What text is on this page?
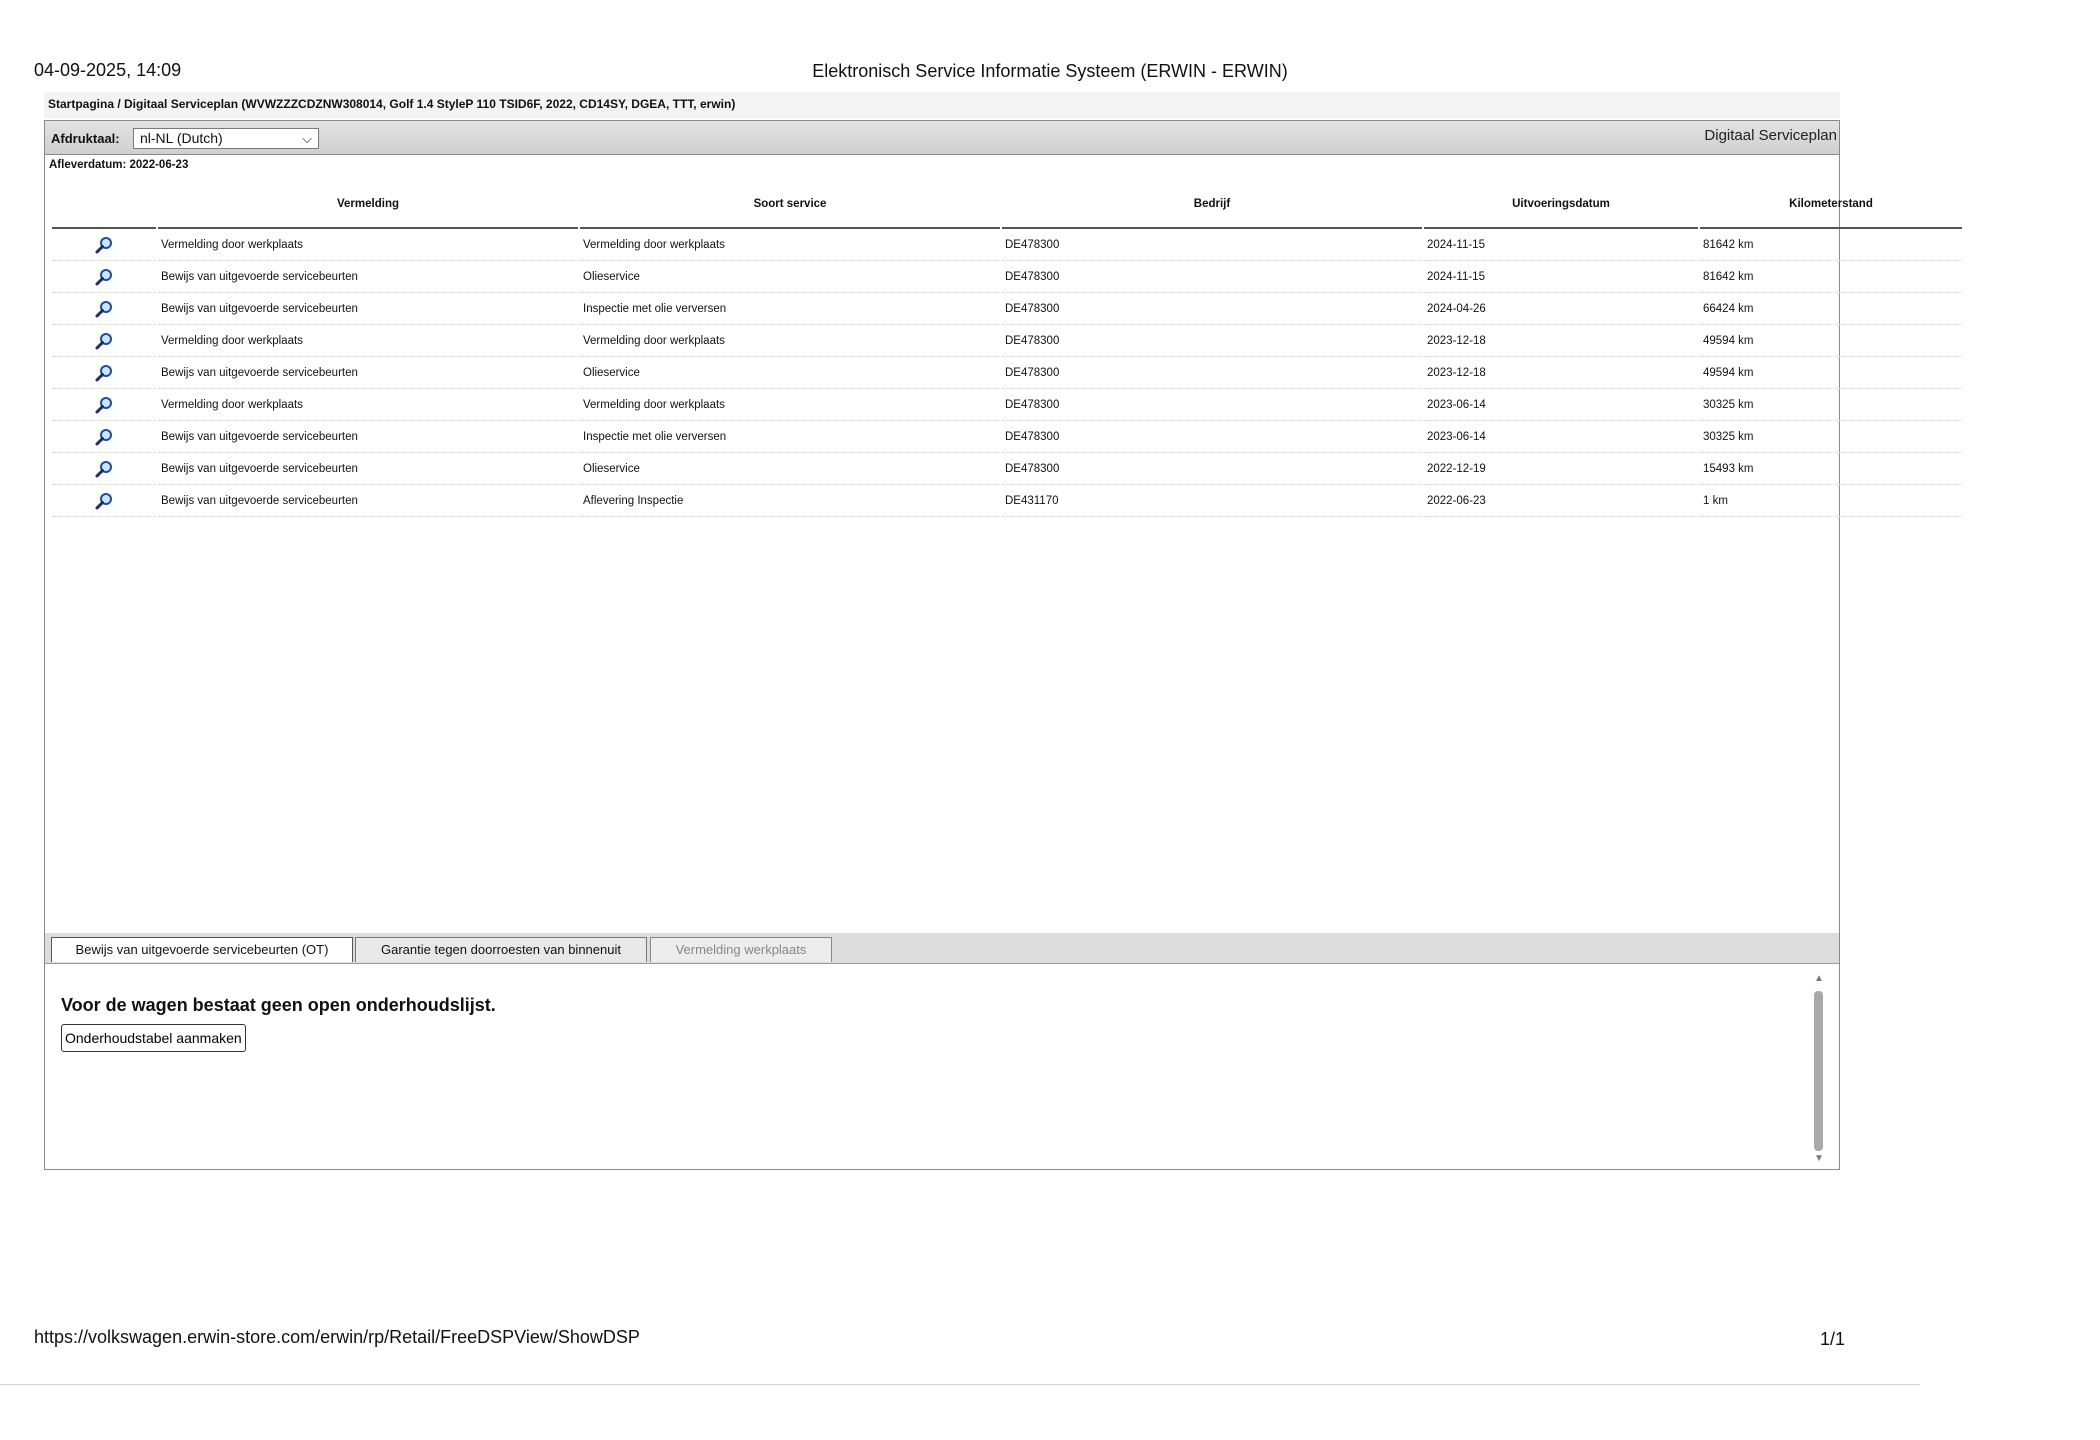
04-09-2025, 14:09	Elektronisch Service Informatie Systeem (ERWIN - ERWIN)
Startpagina / Digitaal Serviceplan (WVWZZZCDZNW308014, Golf 1.4 StyleP 110 TSID6F, 2022, CD14SY, DGEA, TTT, erwin)
Afdruktaal:	nl-NL (Dutch)	⌵	Digitaal Serviceplan
Afleverdatum: 2022-06-23
	Vermelding	Soort service	Bedrijf	Uitvoeringsdatum	Kilometerstand
	Vermelding door werkplaats	Vermelding door werkplaats	DE478300	2024-11-15	81642 km
	Bewijs van uitgevoerde servicebeurten	Olieservice	DE478300	2024-11-15	81642 km
	Bewijs van uitgevoerde servicebeurten	Inspectie met olie verversen	DE478300	2024-04-26	66424 km
	Vermelding door werkplaats	Vermelding door werkplaats	DE478300	2023-12-18	49594 km
	Bewijs van uitgevoerde servicebeurten	Olieservice	DE478300	2023-12-18	49594 km
	Vermelding door werkplaats	Vermelding door werkplaats	DE478300	2023-06-14	30325 km
	Bewijs van uitgevoerde servicebeurten	Inspectie met olie verversen	DE478300	2023-06-14	30325 km
	Bewijs van uitgevoerde servicebeurten	Olieservice	DE478300	2022-12-19	15493 km
	Bewijs van uitgevoerde servicebeurten	Aflevering Inspectie	DE431170	2022-06-23	1 km
Bewijs van uitgevoerde servicebeurten (OT)	Garantie tegen doorroesten van binnenuit	Vermelding werkplaats
Voor de wagen bestaat geen open onderhoudslijst.
Onderhoudstabel aanmaken
▲
▼
https://volkswagen.erwin-store.com/erwin/rp/Retail/FreeDSPView/ShowDSP	1/1
